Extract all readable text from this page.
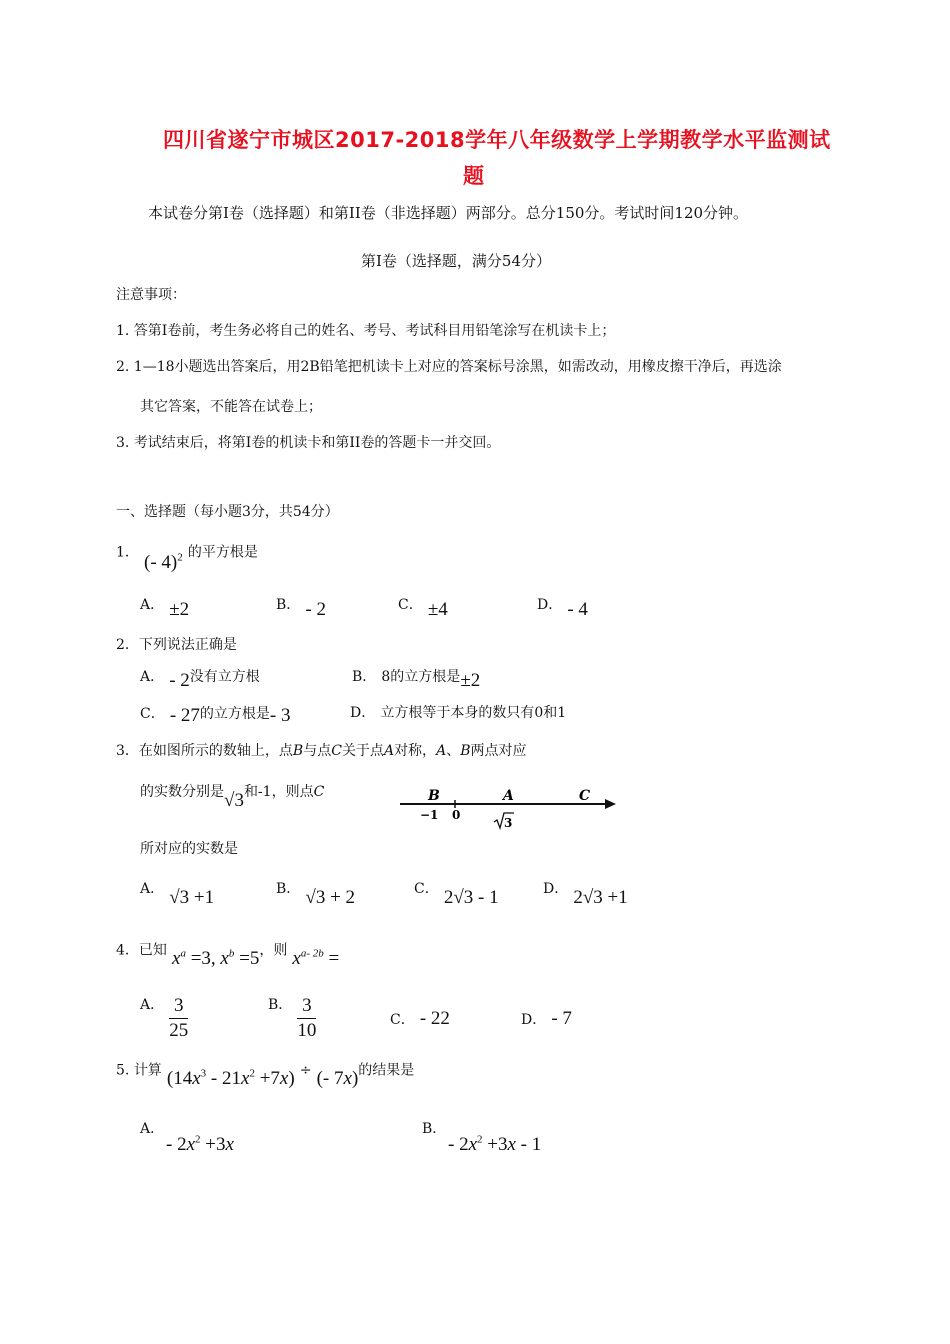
四川省遂宁市城区2017-2018学年八年级数学上学期教学水平监测试
题
本试卷分第I卷（选择题）和第II卷（非选择题）两部分。总分150分。考试时间120分钟。
第I卷（选择题，满分54分）
注意事项：
1. 答第I卷前，考生务必将自己的姓名、考号、考试科目用铅笔涂写在机读卡上；
2. 1—18小题选出答案后，用2B铅笔把机读卡上对应的答案标号涂黑，如需改动，用橡皮擦干净后，再选涂
其它答案，不能答在试卷上；
3. 考试结束后，将第I卷的机读卡和第II卷的答题卡一并交回。
一、选择题（每小题3分，共54分）
1． (- 4)$^2$ 的平方根是
A． ±2	B． - 2	C． ±4	D． - 4
2．下列说法正确是
A． - 2没有立方根	B． 8的立方根是±2
C． - 27的立方根是- 3	D． 立方根等于本身的数只有0和1
3．在如图所示的数轴上，点B与点C关于点A对称，A、B两点对应
的实数分别是√3和-1，则点C	B	A	C
−1 0
3
所对应的实数是
A． √3 +1	B． √3 + 2	C． 2√3 - 1	D． 2√3 +1
4．已知 $x^a =3$, $x^b =5$，则 $x^{a- 2b}$ =
A． $\frac{3}{25}$	B． $\frac{3}{10}$	C． - 22	D． - 7
5. 计算 $(14x^3 - 21x^2 +7x)$ ÷ (- 7x)的结果是
A．
- $2x^2 +3x$
B．
- $2x^2 +3x - 1$
